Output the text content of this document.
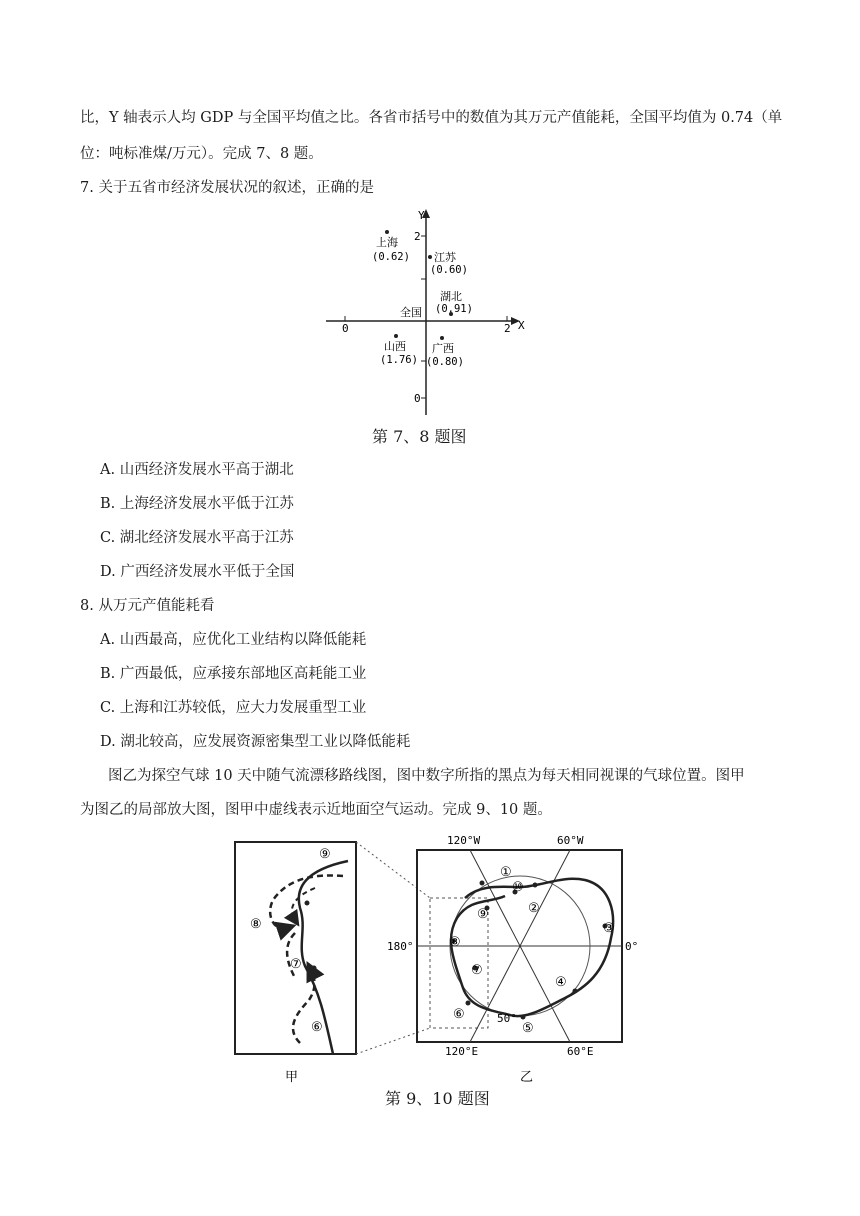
比，Y 轴表示人均 GDP 与全国平均值之比。各省市括号中的数值为其万元产值能耗，全国平均值为 0.74（单
位：吨标准煤/万元）。完成 7、8 题。
7. 关于五省市经济发展状况的叙述，正确的是
Y
X
2
0
0	2
全国
上海
(0.62) 江苏
(0.60)
湖北
(0.91)
山西
(1.76)
广西
(0.80)
第 7、8 题图
A. 山西经济发展水平高于湖北
B. 上海经济发展水平低于江苏
C. 湖北经济发展水平高于江苏
D. 广西经济发展水平低于全国
8. 从万元产值能耗看
A. 山西最高，应优化工业结构以降低能耗
B. 广西最低，应承接东部地区高耗能工业
C. 上海和江苏较低，应大力发展重型工业
D. 湖北较高，应发展资源密集型工业以降低能耗
图乙为探空气球 10 天中随气流漂移路线图，图中数字所指的黑点为每天相同视课的气球位置。图甲
为图乙的局部放大图，图甲中虚线表示近地面空气运动。完成 9、10 题。
⑨
⑧
⑦
⑥
甲
①
⑩
②
③
④
⑤
⑥
⑦
⑧
⑨
50°
120°W	60°W
120°E	60°E
180°	0°
乙
第 9、10 题图
